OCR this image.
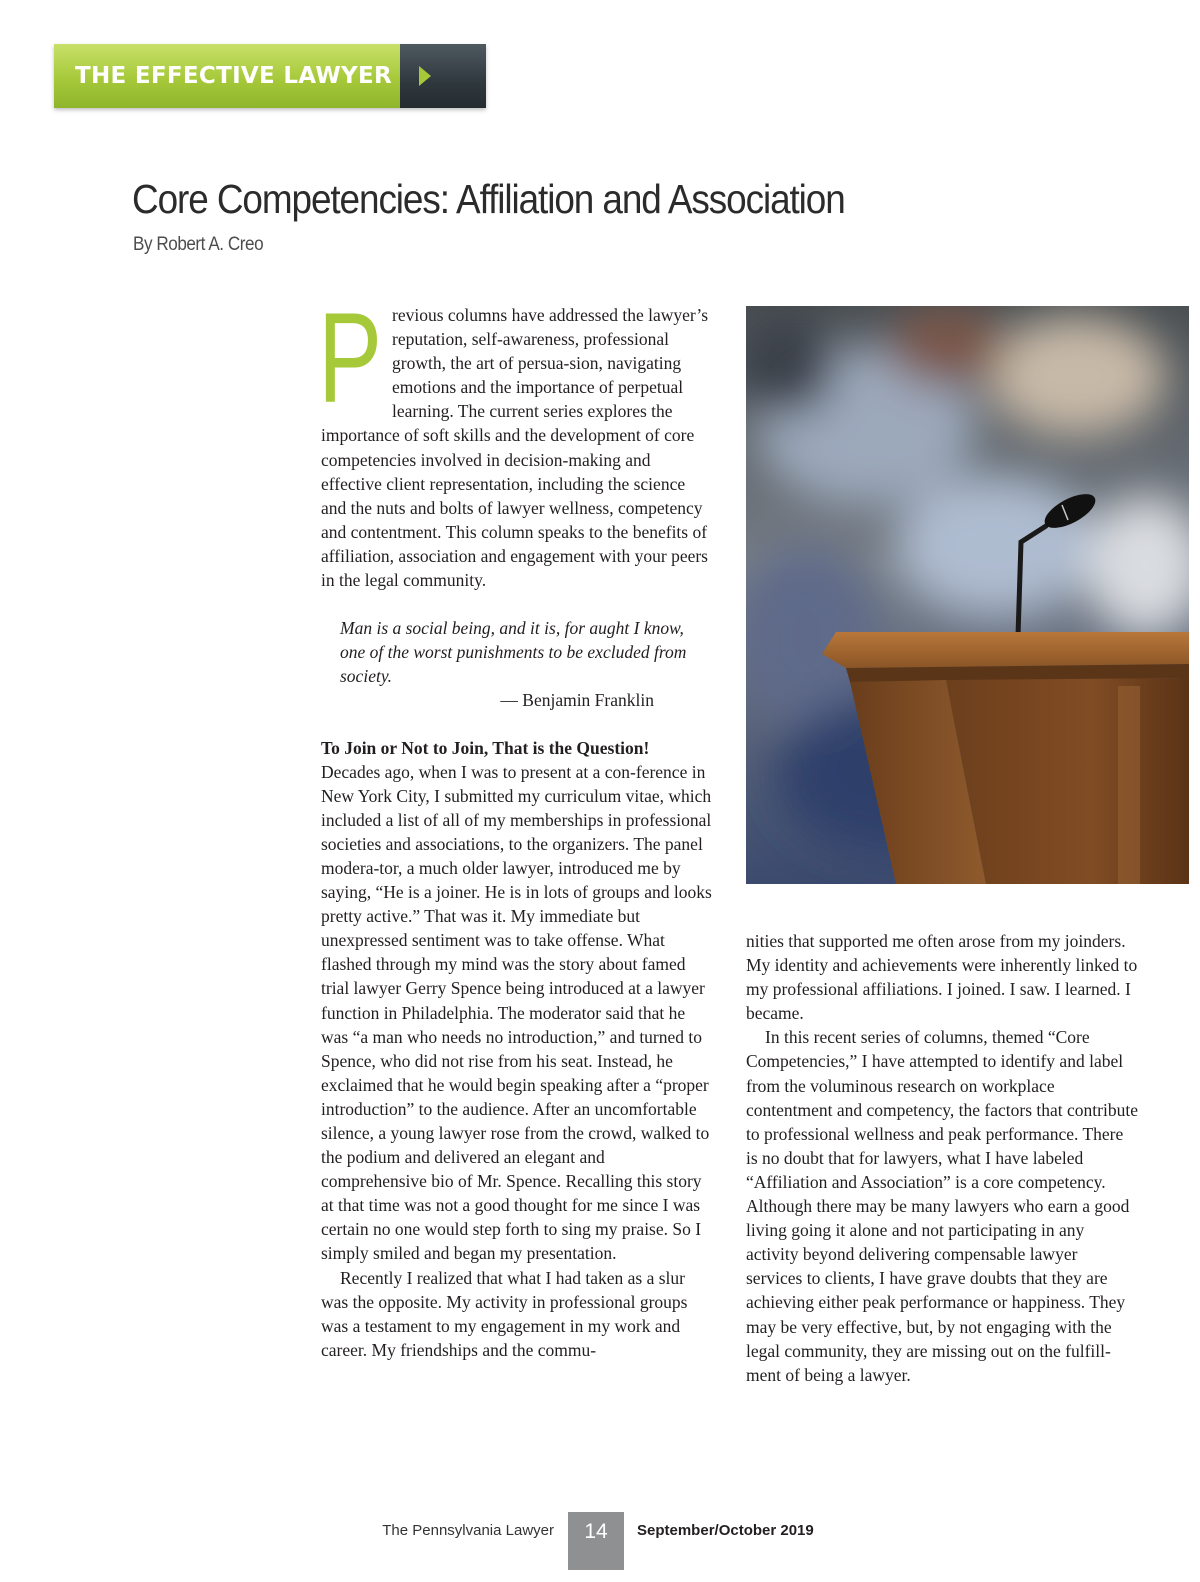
THE EFFECTIVE LAWYER
Core Competencies: Affiliation and Association
By Robert A. Creo

Previous columns have addressed the lawyer’s reputation, self-awareness, professional growth, the art of persua-sion, navigating emotions and the importance of perpetual learning. The current series explores the importance of soft skills and the development of core competencies involved in decision-making and effective client representation, including the science and the nuts and bolts of lawyer wellness, competency and contentment. This column speaks to the benefits of affiliation, association and engagement with your peers in the legal community.

Man is a social being, and it is, for aught I know, one of the worst punishments to be excluded from society.
— Benjamin Franklin

To Join or Not to Join, That is the Question!

Decades ago, when I was to present at a con-ference in New York City, I submitted my curriculum vitae, which included a list of all of my memberships in professional societies and associations, to the organizers. The panel modera-tor, a much older lawyer, introduced me by saying, “He is a joiner. He is in lots of groups and looks pretty active.” That was it. My immediate but unexpressed sentiment was to take offense. What flashed through my mind was the story about famed trial lawyer Gerry Spence being introduced at a lawyer function in Philadelphia. The moderator said that he was “a man who needs no introduction,” and turned to Spence, who did not rise from his seat. Instead, he exclaimed that he would begin speaking after a “proper introduction” to the audience. After an uncomfortable silence, a young lawyer rose from the crowd, walked to the podium and delivered an elegant and comprehensive bio of Mr. Spence. Recalling this story at that time was not a good thought for me since I was certain no one would step forth to sing my praise. So I simply smiled and began my presentation.

Recently I realized that what I had taken as a slur was the opposite. My activity in professional groups was a testament to my engagement in my work and career. My friendships and the commu-

nities that supported me often arose from my joinders. My identity and achievements were inherently linked to my professional affiliations. I joined. I saw. I learned. I became.

In this recent series of columns, themed “Core Competencies,” I have attempted to identify and label from the voluminous research on workplace contentment and competency, the factors that contribute to professional wellness and peak performance. There is no doubt that for lawyers, what I have labeled “Affiliation and Association” is a core competency. Although there may be many lawyers who earn a good living going it alone and not participating in any activity beyond delivering compensable lawyer services to clients, I have grave doubts that they are achieving either peak performance or happiness. They may be very effective, but, by not engaging with the legal community, they are missing out on the fulfill-ment of being a lawyer.

The Pennsylvania Lawyer	14	September/October 2019
